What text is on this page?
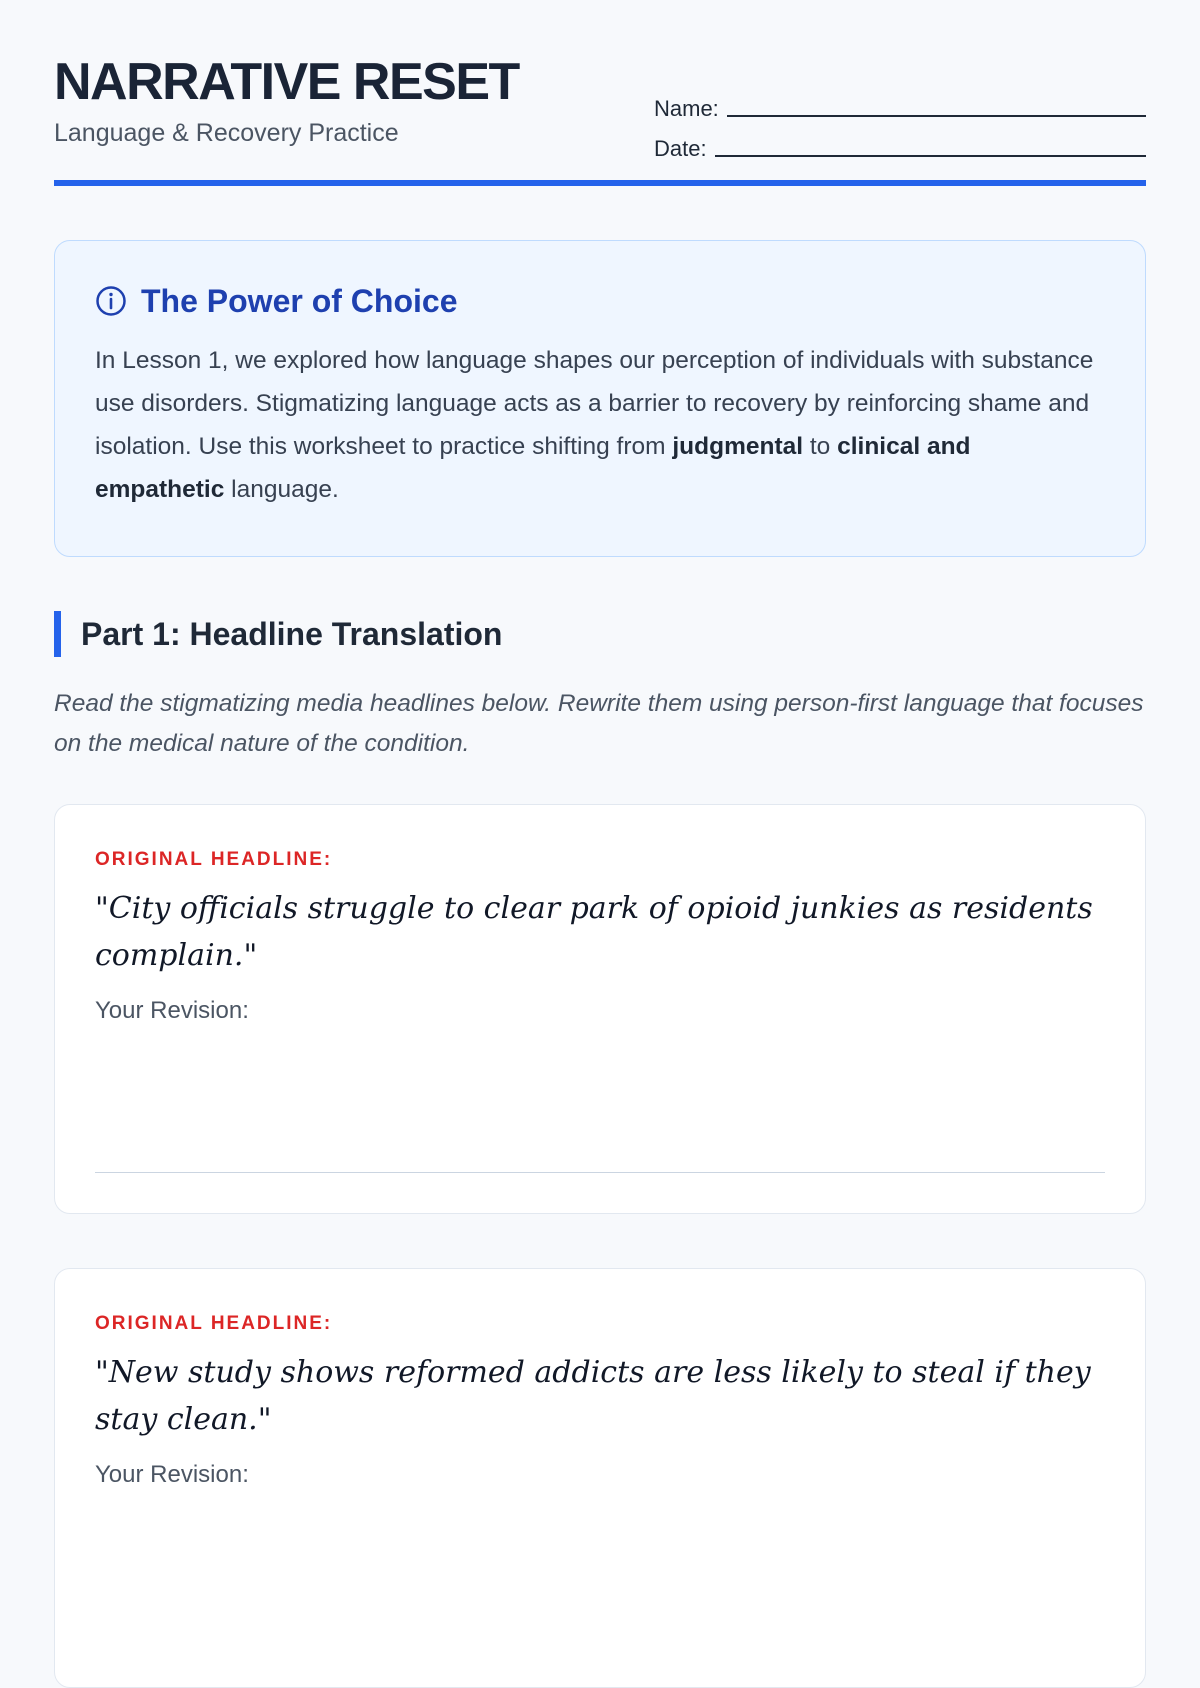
NARRATIVE RESET
Language & Recovery Practice
Name:
Date:
The Power of Choice

In Lesson 1, we explored how language shapes our perception of individuals with substance use disorders. Stigmatizing language acts as a barrier to recovery by reinforcing shame and isolation. Use this worksheet to practice shifting from judgmental to clinical and empathetic language.

Part 1: Headline Translation

Read the stigmatizing media headlines below. Rewrite them using person-first language that focuses on the medical nature of the condition.

ORIGINAL HEADLINE:
"City officials struggle to clear park of opioid junkies as residents complain."
Your Revision:
ORIGINAL HEADLINE:
"New study shows reformed addicts are less likely to steal if they stay clean."
Your Revision:
